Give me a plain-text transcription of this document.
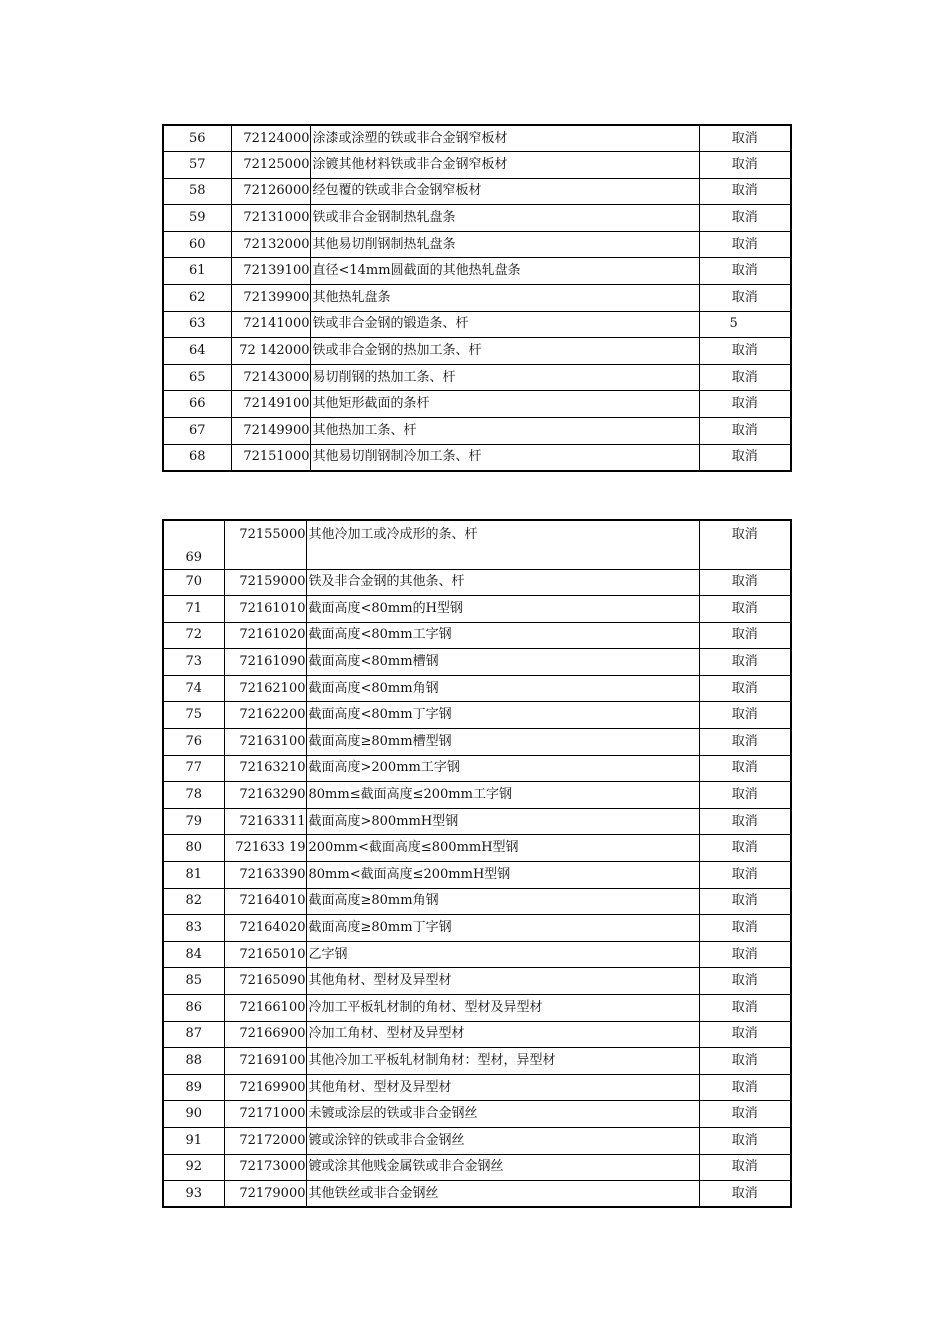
56	72124000	涂漆或涂塑的铁或非合金钢窄板材	取消
57	72125000	涂镀其他材料铁或非合金钢窄板材	取消
58	72126000	经包覆的铁或非合金钢窄板材	取消
59	72131000	铁或非合金钢制热轧盘条	取消
60	72132000	其他易切削钢制热轧盘条	取消
61	72139100	直径<14mm圆截面的其他热轧盘条	取消
62	72139900	其他热轧盘条	取消
63	72141000	铁或非合金钢的锻造条、杆	5
64	72 142000	铁或非合金钢的热加工条、杆	取消
65	72143000	易切削钢的热加工条、杆	取消
66	72149100	其他矩形截面的条杆	取消
67	72149900	其他热加工条、杆	取消
68	72151000	其他易切削钢制冷加工条、杆	取消
69	72155000	其他冷加工或冷成形的条、杆	取消
70	72159000	铁及非合金钢的其他条、杆	取消
71	72161010	截面高度<80mm的H型钢	取消
72	72161020	截面高度<80mm工字钢	取消
73	72161090	截面高度<80mm槽钢	取消
74	72162100	截面高度<80mm角钢	取消
75	72162200	截面高度<80mm丁字钢	取消
76	72163100	截面高度≥80mm槽型钢	取消
77	72163210	截面高度>200mm工字钢	取消
78	72163290	80mm≤截面高度≤200mm工字钢	取消
79	72163311	截面高度>800mmH型钢	取消
80	721633 19	200mm<截面高度≤800mmH型钢	取消
81	72163390	80mm<截面高度≤200mmH型钢	取消
82	72164010	截面高度≥80mm角钢	取消
83	72164020	截面高度≥80mm丁字钢	取消
84	72165010	乙字钢	取消
85	72165090	其他角材、型材及异型材	取消
86	72166100	冷加工平板轧材制的角材、型材及异型材	取消
87	72166900	冷加工角材、型材及异型材	取消
88	72169100	其他冷加工平板轧材制角材：型材，异型材	取消
89	72169900	其他角材、型材及异型材	取消
90	72171000	未镀或涂层的铁或非合金钢丝	取消
91	72172000	镀或涂锌的铁或非合金钢丝	取消
92	72173000	镀或涂其他贱金属铁或非合金钢丝	取消
93	72179000	其他铁丝或非合金钢丝	取消
